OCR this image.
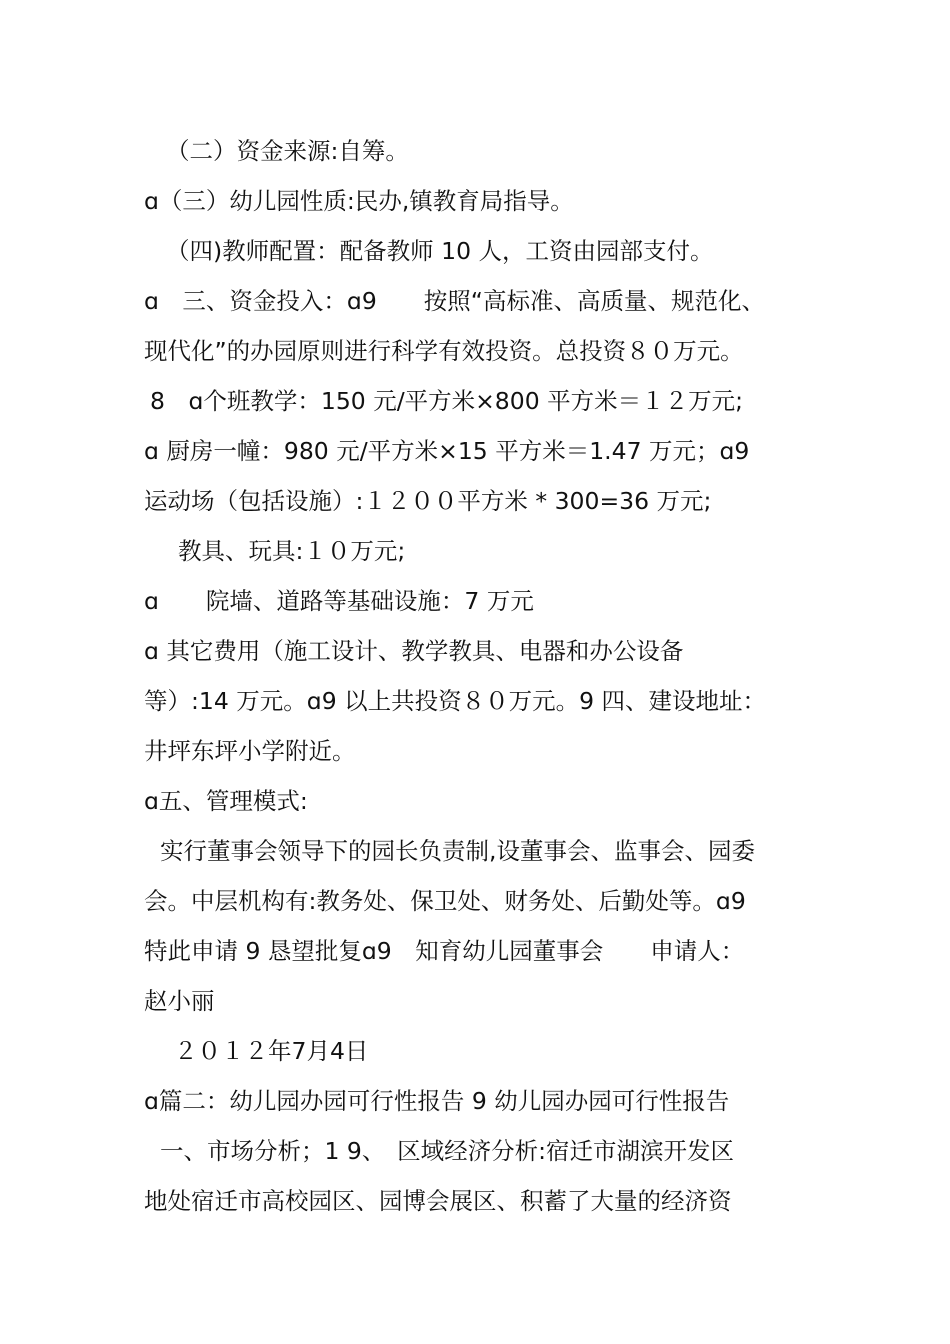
（二）资金来源:自筹。
ɑ（三）幼儿园性质:民办,镇教育局指导。
（四)教师配置：配备教师 10 人，工资由园部支付。
ɑ　三、资金投入：ɑ9　　按照“高标准、高质量、规范化、
现代化”的办园原则进行科学有效投资。总投资８０万元。
8　ɑ个班教学：150 元/平方米×800 平方米＝１２万元;
ɑ 厨房一幢：980 元/平方米×15 平方米＝1.47 万元；ɑ9
运动场（包括设施）:１２００平方米 * 300=36 万元;
教具、玩具:１０万元;
ɑ　　院墙、道路等基础设施：7 万元
ɑ 其它费用（施工设计、教学教具、电器和办公设备
等）:14 万元。ɑ9 以上共投资８０万元。9 四、建设地址：
井坪东坪小学附近。
ɑ五、管理模式:
实行董事会领导下的园长负责制,设董事会、监事会、园委
会。中层机构有:教务处、保卫处、财务处、后勤处等。ɑ9
特此申请 9 恳望批复ɑ9　知育幼儿园董事会　　申请人：
赵小丽
２０１２年7月4日
ɑ篇二：幼儿园办园可行性报告 9 幼儿园办园可行性报告
一、市场分析；1 9、　区域经济分析:宿迁市湖滨开发区
地处宿迁市高校园区、园博会展区、积蓄了大量的经济资
